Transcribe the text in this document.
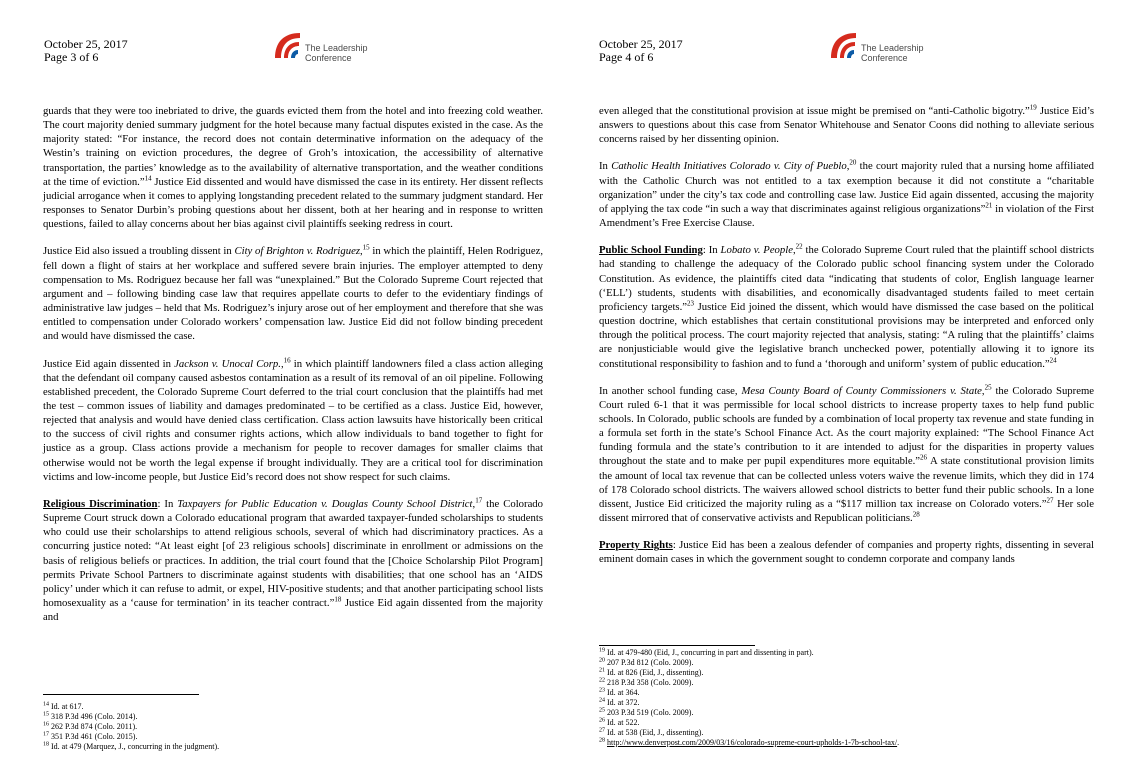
October 25, 2017
Page 3 of 6
The Leadership
Conference

guards that they were too inebriated to drive, the guards evicted them from the hotel and into freezing cold weather. The court majority denied summary judgment for the hotel because many factual disputes existed in the case. As the majority stated: “For instance, the record does not contain determinative information on the adequacy of the Westin’s training on eviction procedures, the degree of Groh’s intoxication, the accessibility of alternative transportation, the parties’ knowledge as to the availability of alternative transportation, and the weather conditions at the time of eviction.”$^{14}$ Justice Eid dissented and would have dismissed the case in its entirety. Her dissent reflects judicial arrogance when it comes to applying longstanding precedent related to the summary judgment standard. Her responses to Senator Durbin’s probing questions about her dissent, both at her hearing and in response to written questions, failed to allay concerns about her bias against civil plaintiffs seeking redress in court.

Justice Eid also issued a troubling dissent in City of Brighton v. Rodriguez,$^{15}$ in which the plaintiff, Helen Rodriguez, fell down a flight of stairs at her workplace and suffered severe brain injuries. The employer attempted to deny compensation to Ms. Rodriguez because her fall was “unexplained.” But the Colorado Supreme Court rejected that argument and – following binding case law that requires appellate courts to defer to the evidentiary findings of administrative law judges – held that Ms. Rodriguez’s injury arose out of her employment and therefore that she was entitled to compensation under Colorado workers’ compensation law. Justice Eid did not follow binding precedent and would have dismissed the case.

Justice Eid again dissented in Jackson v. Unocal Corp.,$^{16}$ in which plaintiff landowners filed a class action alleging that the defendant oil company caused asbestos contamination as a result of its removal of an oil pipeline. Following established precedent, the Colorado Supreme Court deferred to the trial court conclusion that the plaintiffs had met the test – common issues of liability and damages predominated – to be certified as a class. Justice Eid, however, rejected that analysis and would have denied class certification. Class action lawsuits have historically been critical to the success of civil rights and consumer rights actions, which allow individuals to band together to fight for justice as a group. Class actions provide a mechanism for people to recover damages for smaller claims that otherwise would not be worth the legal expense if brought individually. They are a critical tool for discrimination victims and low-income people, but Justice Eid’s record does not show respect for such claims.

Religious Discrimination: In Taxpayers for Public Education v. Douglas County School District,$^{17}$ the Colorado Supreme Court struck down a Colorado educational program that awarded taxpayer-funded scholarships to students who could use their scholarships to attend religious schools, several of which had discriminatory practices. As a concurring justice noted: “At least eight [of 23 religious schools] discriminate in enrollment or admissions on the basis of religious beliefs or practices. In addition, the trial court found that the [Choice Scholarship Pilot Program] permits Private School Partners to discriminate against students with disabilities; that one school has an ‘AIDS policy’ under which it can refuse to admit, or expel, HIV-positive students; and that another participating school lists homosexuality as a ‘cause for termination’ in its teacher contract.”$^{18}$ Justice Eid again dissented from the majority and

$^{14}$ Id. at 617.
$^{15}$ 318 P.3d 496 (Colo. 2014).
$^{16}$ 262 P.3d 874 (Colo. 2011).
$^{17}$ 351 P.3d 461 (Colo. 2015).
$^{18}$ Id. at 479 (Marquez, J., concurring in the judgment).
October 25, 2017
Page 4 of 6
The Leadership
Conference

even alleged that the constitutional provision at issue might be premised on “anti-Catholic bigotry.”$^{19}$ Justice Eid’s answers to questions about this case from Senator Whitehouse and Senator Coons did nothing to alleviate serious concerns raised by her dissenting opinion.

In Catholic Health Initiatives Colorado v. City of Pueblo,$^{20}$ the court majority ruled that a nursing home affiliated with the Catholic Church was not entitled to a tax exemption because it did not constitute a “charitable organization” under the city’s tax code and controlling case law. Justice Eid again dissented, accusing the majority of applying the tax code “in such a way that discriminates against religious organizations”$^{21}$ in violation of the First Amendment’s Free Exercise Clause.

Public School Funding: In Lobato v. People,$^{22}$ the Colorado Supreme Court ruled that the plaintiff school districts had standing to challenge the adequacy of the Colorado public school financing system under the Colorado Constitution. As evidence, the plaintiffs cited data “indicating that students of color, English language learner (‘ELL’) students, students with disabilities, and economically disadvantaged students failed to meet certain proficiency targets.”$^{23}$ Justice Eid joined the dissent, which would have dismissed the case based on the political question doctrine, which establishes that certain constitutional provisions may be interpreted and enforced only through the political process. The court majority rejected that analysis, stating: “A ruling that the plaintiffs’ claims are nonjusticiable would give the legislative branch unchecked power, potentially allowing it to ignore its constitutional responsibility to fashion and to fund a ‘thorough and uniform’ system of public education.”$^{24}$

In another school funding case, Mesa County Board of County Commissioners v. State,$^{25}$ the Colorado Supreme Court ruled 6-1 that it was permissible for local school districts to increase property taxes to help fund public schools. In Colorado, public schools are funded by a combination of local property tax revenue and state funding in a formula set forth in the state’s School Finance Act. As the court majority explained: “The School Finance Act funding formula and the state’s contribution to it are intended to adjust for the disparities in property values throughout the state and to make per pupil expenditures more equitable.”$^{26}$ A state constitutional provision limits the amount of local tax revenue that can be collected unless voters waive the revenue limits, which they did in 174 of 178 Colorado school districts. The waivers allowed school districts to better fund their public schools. In a lone dissent, Justice Eid criticized the majority ruling as a “$117 million tax increase on Colorado voters.”$^{27}$ Her sole dissent mirrored that of conservative activists and Republican politicians.$^{28}$

Property Rights: Justice Eid has been a zealous defender of companies and property rights, dissenting in several eminent domain cases in which the government sought to condemn corporate and company lands

$^{19}$ Id. at 479-480 (Eid, J., concurring in part and dissenting in part).
$^{20}$ 207 P.3d 812 (Colo. 2009).
$^{21}$ Id. at 826 (Eid, J., dissenting).
$^{22}$ 218 P.3d 358 (Colo. 2009).
$^{23}$ Id. at 364.
$^{24}$ Id. at 372.
$^{25}$ 203 P.3d 519 (Colo. 2009).
$^{26}$ Id. at 522.
$^{27}$ Id. at 538 (Eid, J., dissenting).
$^{28}$ http://www.denverpost.com/2009/03/16/colorado-supreme-court-upholds-1-7b-school-tax/.
